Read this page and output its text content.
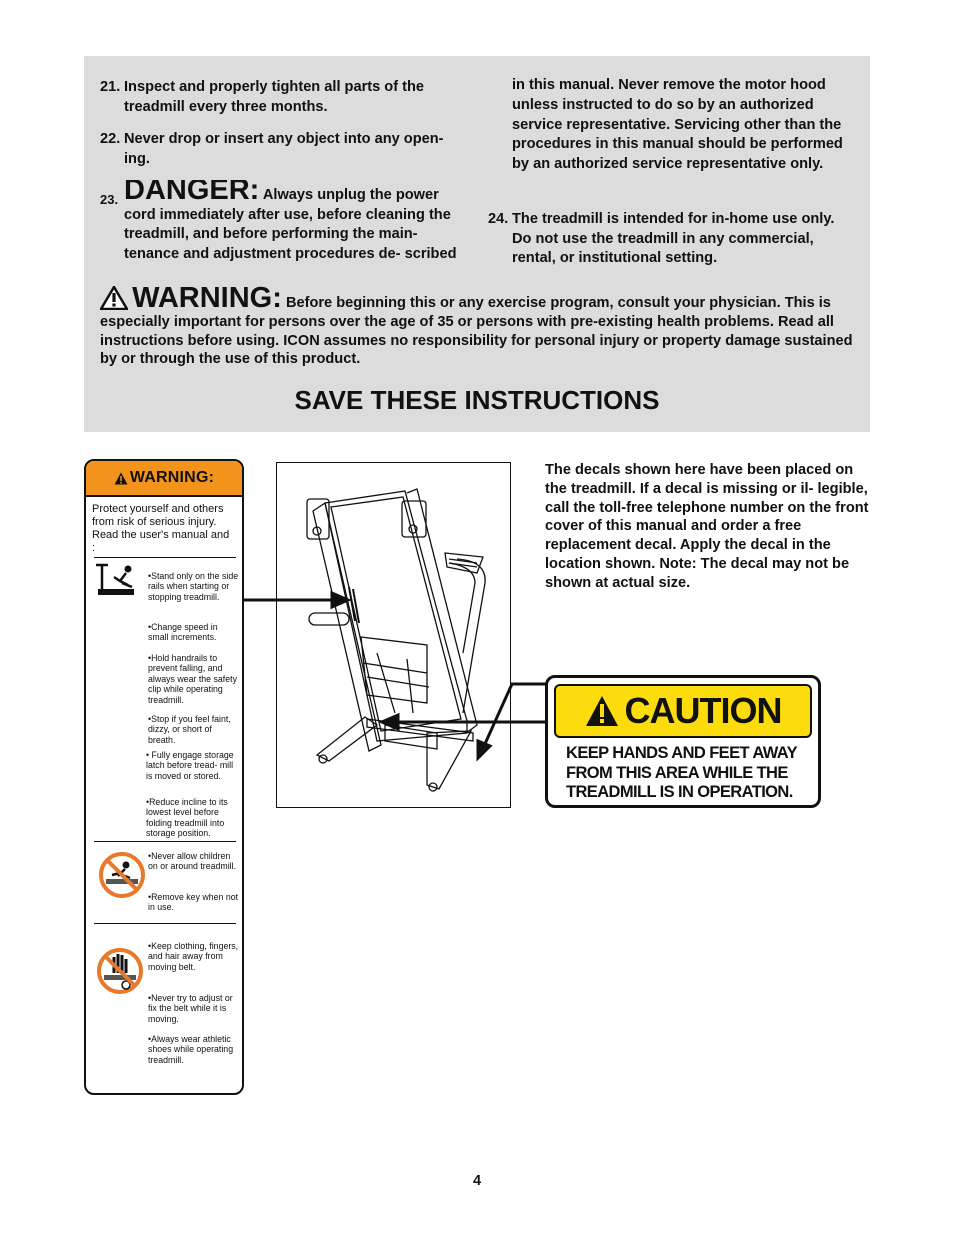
21. Inspect and properly tighten all parts of the treadmill every three months.
22. Never drop or insert any object into any open- ing.
23. DANGER: Always unplug the power cord immediately after use, before cleaning the treadmill, and before performing the main- tenance and adjustment procedures de- scribed
in this manual. Never remove the motor hood unless instructed to do so by an authorized service representative. Servicing other than the procedures in this manual should be performed by an authorized service representative only.
24. The treadmill is intended for in-home use only. Do not use the treadmill in any commercial, rental, or institutional setting.
WARNING: Before beginning this or any exercise program, consult your physician. This is especially important for persons over the age of 35 or persons with pre-existing health problems. Read all instructions before using. ICON assumes no responsibility for personal injury or property damage sustained by or through the use of this product.
SAVE THESE INSTRUCTIONS
WARNING:
Protect yourself and others from risk of serious injury. Read the user's manual and :
•Stand only on the side rails when starting or stopping treadmill.
•Change speed in small increments.
•Hold handrails to prevent falling, and always wear the safety clip while operating treadmill.
•Stop if you feel faint, dizzy, or short of breath.
• Fully engage storage latch before tread- mill is moved or stored.
•Reduce incline to its lowest level before folding treadmill into storage position.
•Never allow children on or around treadmill.
•Remove key when not in use.
•Keep clothing, fingers, and hair away from moving belt.
•Never try to adjust or fix the belt while it is moving.
•Always wear athletic shoes while operating treadmill.
The decals shown here have been placed on the treadmill. If a decal is missing or il- legible, call the toll-free telephone number on the front cover of this manual and order a free replacement decal. Apply the decal in the location shown. Note: The decal may not be shown at actual size.
CAUTION
KEEP HANDS AND FEET AWAY
FROM THIS AREA WHILE THE
TREADMILL IS IN OPERATION.
4
